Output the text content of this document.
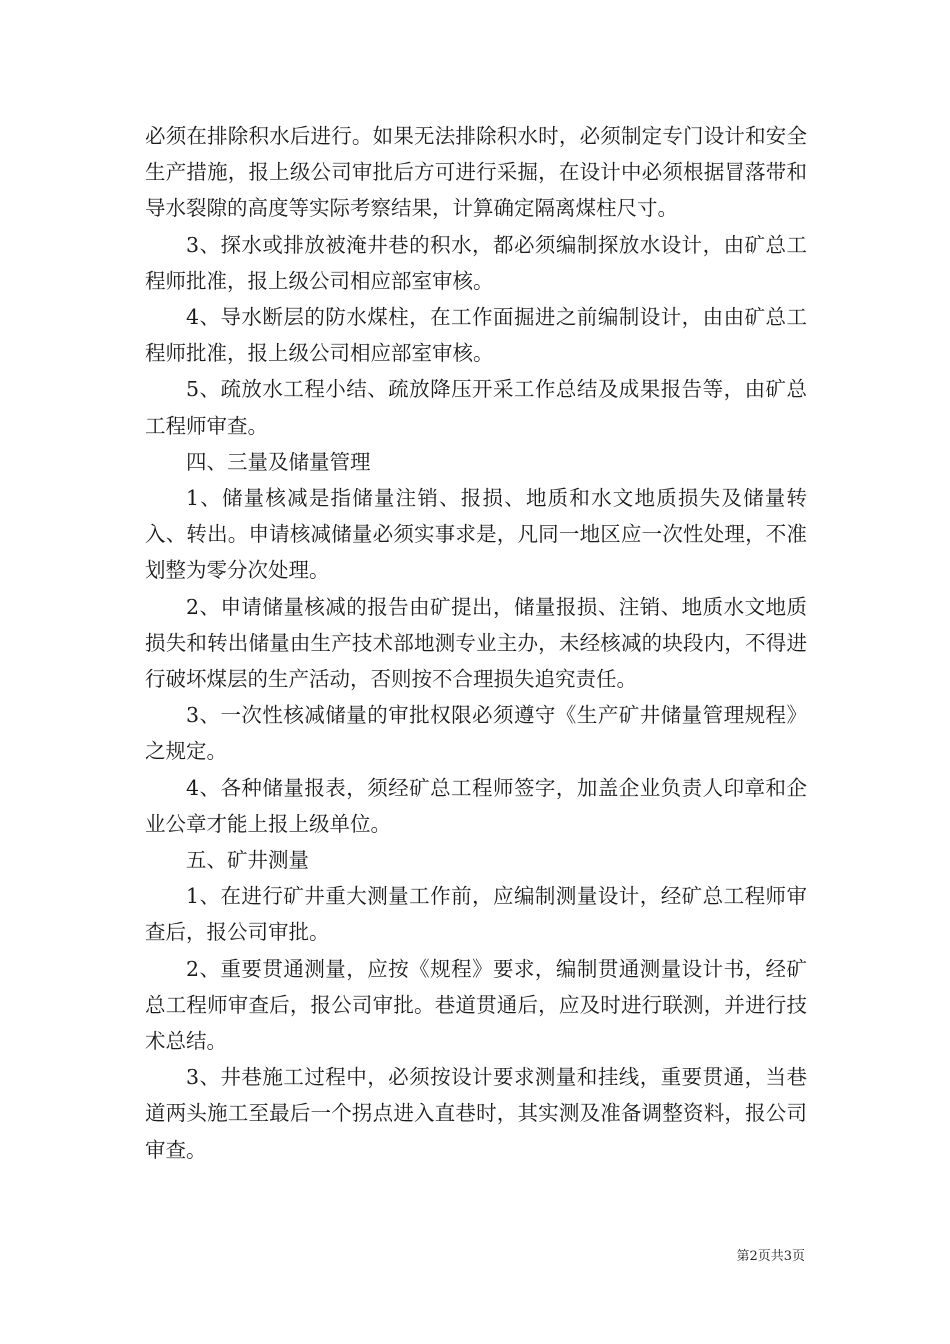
必须在排除积水后进行。如果无法排除积水时，必须制定专门设计和安全生产措施，报上级公司审批后方可进行采掘，在设计中必须根据冒落带和导水裂隙的高度等实际考察结果，计算确定隔离煤柱尺寸。

3、探水或排放被淹井巷的积水，都必须编制探放水设计，由矿总工程师批准，报上级公司相应部室审核。

4、导水断层的防水煤柱，在工作面掘进之前编制设计，由由矿总工程师批准，报上级公司相应部室审核。

5、疏放水工程小结、疏放降压开采工作总结及成果报告等，由矿总工程师审查。

四、三量及储量管理

1、储量核减是指储量注销、报损、地质和水文地质损失及储量转入、转出。申请核减储量必须实事求是，凡同一地区应一次性处理，不准划整为零分次处理。

2、申请储量核减的报告由矿提出，储量报损、注销、地质水文地质损失和转出储量由生产技术部地测专业主办，未经核减的块段内，不得进行破坏煤层的生产活动，否则按不合理损失追究责任。

3、一次性核减储量的审批权限必须遵守《生产矿井储量管理规程》之规定。

4、各种储量报表，须经矿总工程师签字，加盖企业负责人印章和企业公章才能上报上级单位。

五、矿井测量

1、在进行矿井重大测量工作前，应编制测量设计，经矿总工程师审查后，报公司审批。

2、重要贯通测量，应按《规程》要求，编制贯通测量设计书，经矿总工程师审查后，报公司审批。巷道贯通后，应及时进行联测，并进行技术总结。

3、井巷施工过程中，必须按设计要求测量和挂线，重要贯通，当巷道两头施工至最后一个拐点进入直巷时，其实测及准备调整资料，报公司审查。

第2页共3页
